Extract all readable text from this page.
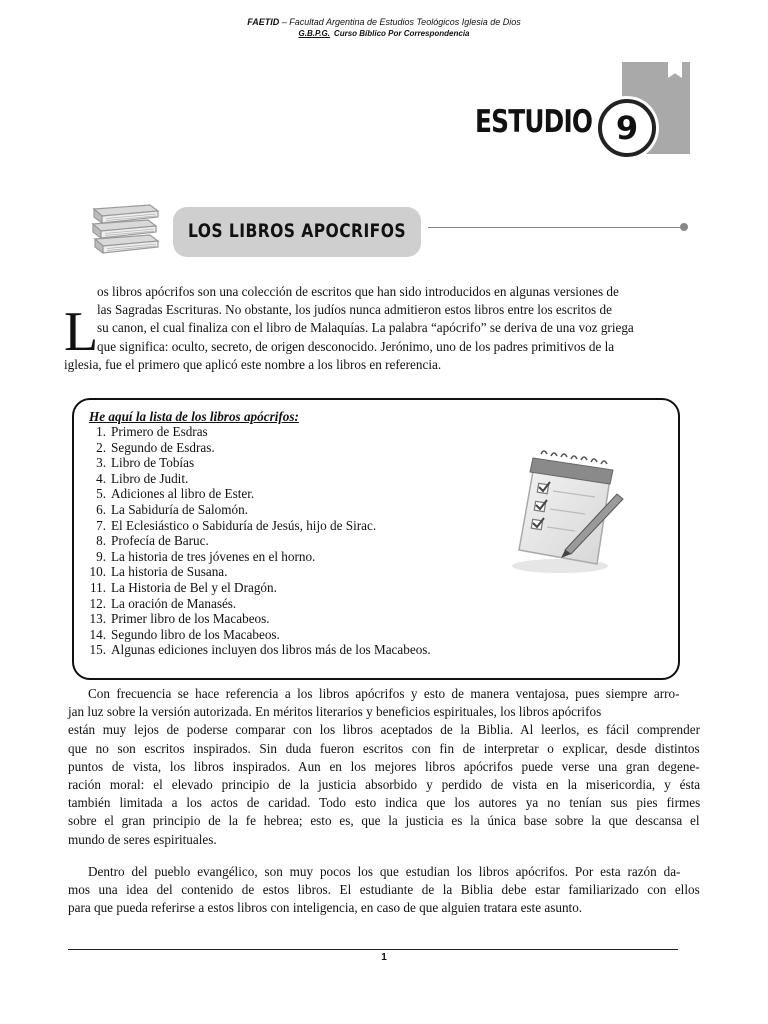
FAETID – Facultad Argentina de Estudios Teológicos Iglesia de Dios
G.B.P.G. Curso Bíblico Por Correspondencia
ESTUDIO 9
LOS LIBROS APOCRIFOS
L
os libros apócrifos son una colección de escritos que han sido introducidos en algunas versiones de
las Sagradas Escrituras. No obstante, los judíos nunca admitieron estos libros entre los escritos de
su canon, el cual finaliza con el libro de Malaquías. La palabra “apócrifo” se deriva de una voz griega
que significa: oculto, secreto, de origen desconocido. Jerónimo, uno de los padres primitivos de la
iglesia, fue el primero que aplicó este nombre a los libros en referencia.
He aquí la lista de los libros apócrifos:
1. Primero de Esdras
2. Segundo de Esdras.
3. Libro de Tobías
4. Libro de Judit.
5. Adiciones al libro de Ester.
6. La Sabiduría de Salomón.
7. El Eclesiástico o Sabiduría de Jesús, hijo de Sirac.
8. Profecía de Baruc.
9. La historia de tres jóvenes en el horno.
10. La historia de Susana.
11. La Historia de Bel y el Dragón.
12. La oración de Manasés.
13. Primer libro de los Macabeos.
14. Segundo libro de los Macabeos.
15. Algunas ediciones incluyen dos libros más de los Macabeos.
Con frecuencia se hace referencia a los libros apócrifos y esto de manera ventajosa, pues siempre arro-
jan luz sobre la versión autorizada. En méritos literarios y beneficios espirituales, los libros apócrifos
están muy lejos de poderse comparar con los libros aceptados de la Biblia. Al leerlos, es fácil comprender
que no son escritos inspirados. Sin duda fueron escritos con fin de interpretar o explicar, desde distintos
puntos de vista, los libros inspirados. Aun en los mejores libros apócrifos puede verse una gran degene-
ración moral: el elevado principio de la justicia absorbido y perdido de vista en la misericordia, y ésta
también limitada a los actos de caridad. Todo esto indica que los autores ya no tenían sus pies firmes
sobre el gran principio de la fe hebrea; esto es, que la justicia es la única base sobre la que descansa el
mundo de seres espirituales.
Dentro del pueblo evangélico, son muy pocos los que estudian los libros apócrifos. Por esta razón da-
mos una idea del contenido de estos libros. El estudiante de la Biblia debe estar familiarizado con ellos
para que pueda referirse a estos libros con inteligencia, en caso de que alguien tratara este asunto.
1
